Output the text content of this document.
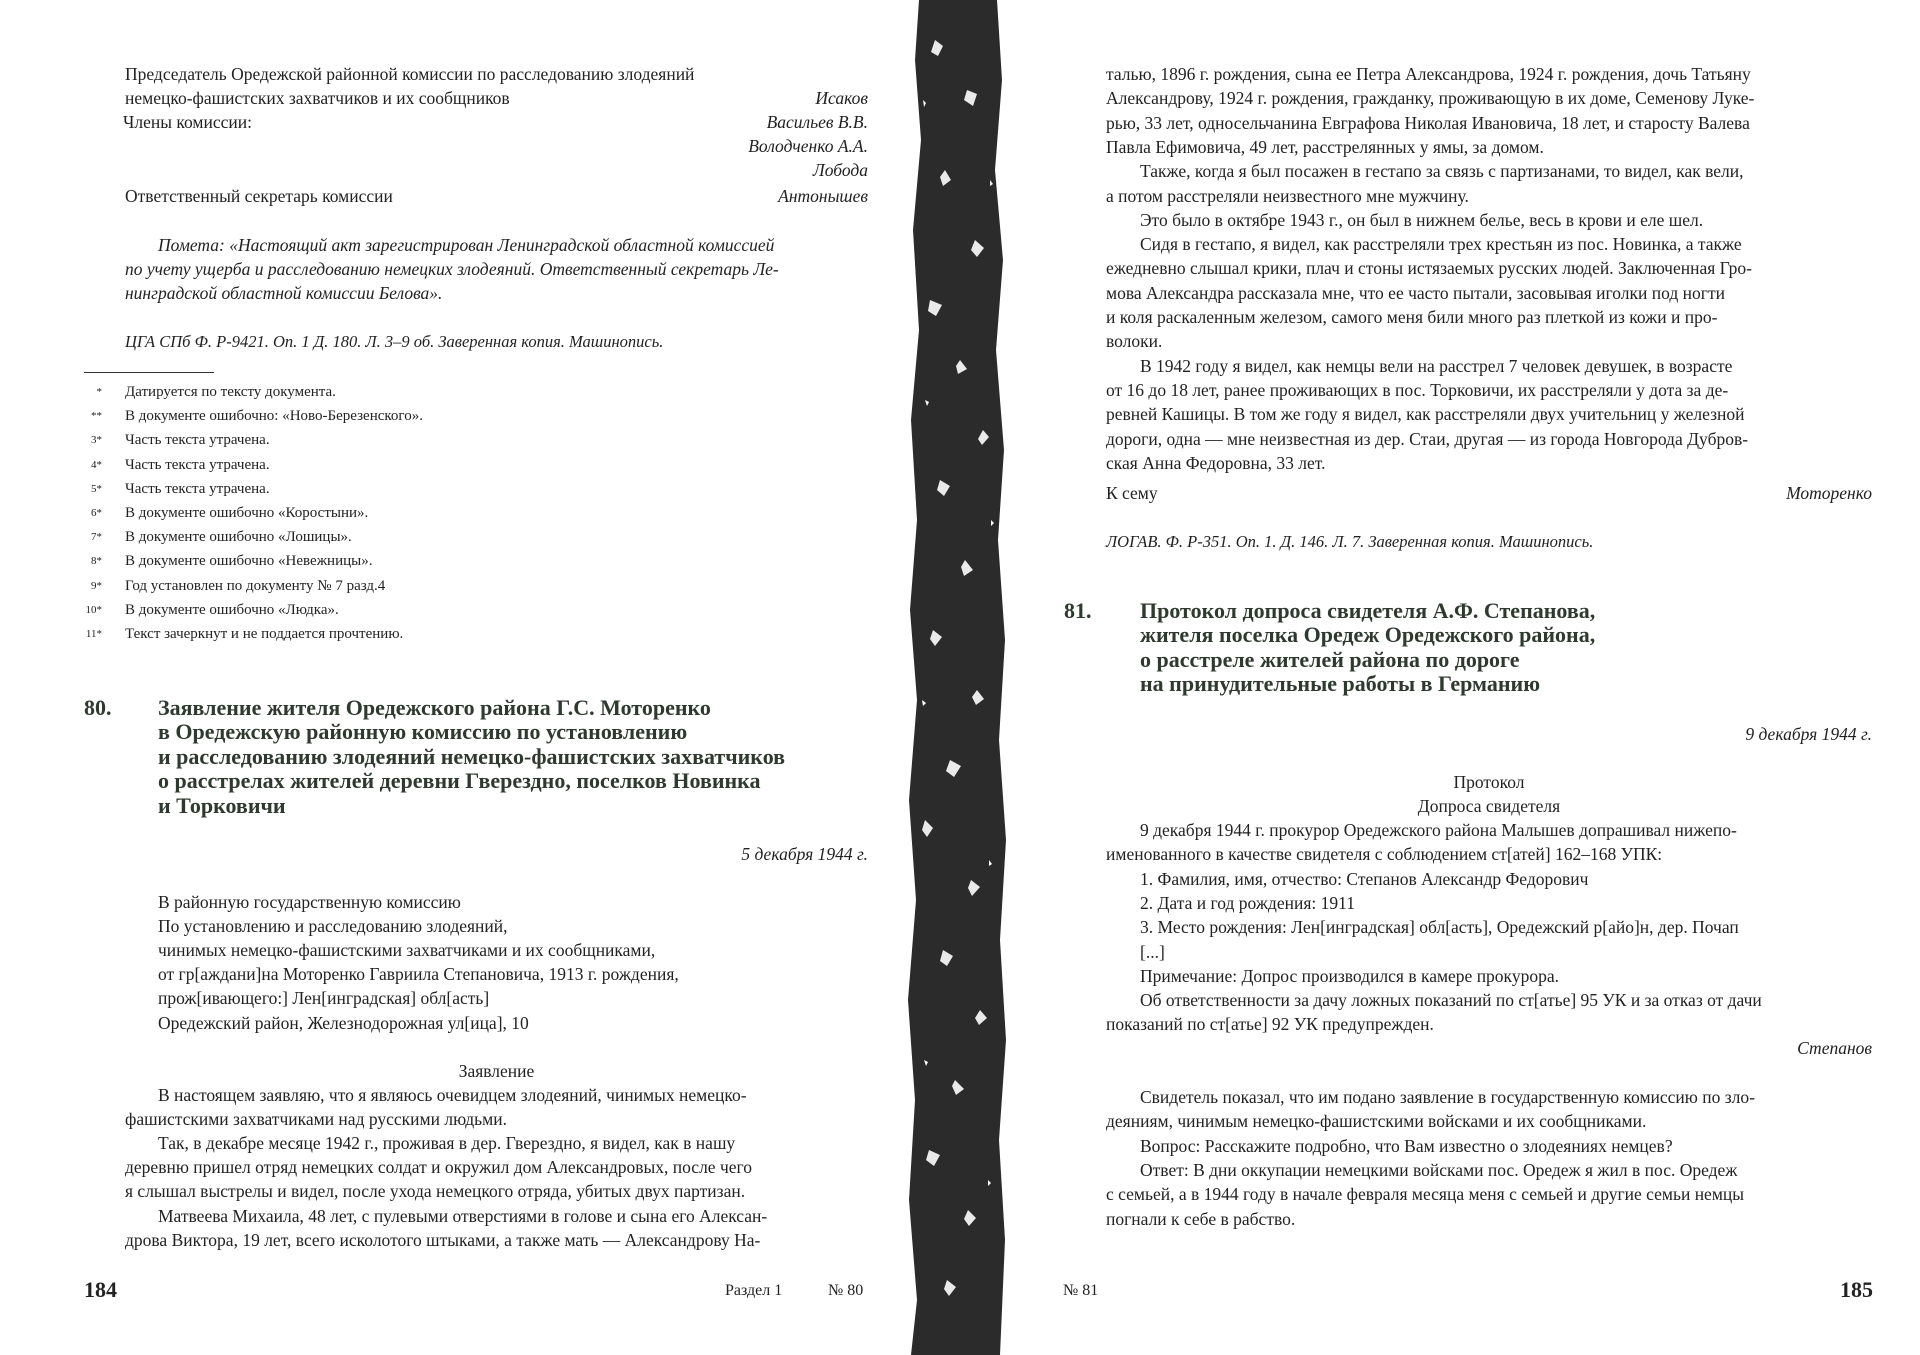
Председатель Оредежской районной комиссии по расследованию злодеяний
немецко-фашистских захватчиков и их сообщников	Исаков
Члены комиссии:	Васильев В.В.
Володченко А.А.
Лобода
Ответственный секретарь комиссии	Антонышев
Помета: «Настоящий акт зарегистрирован Ленинградской областной комиссией
по учету ущерба и расследованию немецких злодеяний. Ответственный секретарь Ле-
нинградской областной комиссии Белова».
ЦГА СПб Ф. Р-9421. Оп. 1 Д. 180. Л. 3–9 об. Заверенная копия. Машинопись.
* Датируется по тексту документа.
** В документе ошибочно: «Ново-Березенского».
3* Часть текста утрачена.
4* Часть текста утрачена.
5* Часть текста утрачена.
6* В документе ошибочно «Коростыни».
7* В документе ошибочно «Лошицы».
8* В документе ошибочно «Невежницы».
9* Год установлен по документу № 7 разд.4
10* В документе ошибочно «Людка».
11* Текст зачеркнут и не поддается прочтению.
80. Заявление жителя Оредежского района Г.С. Моторенко
в Оредежскую районную комиссию по установлению
и расследованию злодеяний немецко-фашистских захватчиков
о расстрелах жителей деревни Гверездно, поселков Новинка
и Торковичи
5 декабря 1944 г.
В районную государственную комиссию
По установлению и расследованию злодеяний,
чинимых немецко-фашистскими захватчиками и их сообщниками,
от гр[аждани]на Моторенко Гавриила Степановича, 1913 г. рождения,
прож[ивающего:] Лен[инградская] обл[асть]
Оредежский район, Железнодорожная ул[ица], 10
Заявление
В настоящем заявляю, что я являюсь очевидцем злодеяний, чинимых немецко-
фашистскими захватчиками над русскими людьми.
Так, в декабре месяце 1942 г., проживая в дер. Гверездно, я видел, как в нашу
деревню пришел отряд немецких солдат и окружил дом Александровых, после чего
я слышал выстрелы и видел, после ухода немецкого отряда, убитых двух партизан.
Матвеева Михаила, 48 лет, с пулевыми отверстиями в голове и сына его Алексан-
дрова Виктора, 19 лет, всего исколотого штыками, а также мать — Александрову На-
184	Раздел 1	№ 80
талью, 1896 г. рождения, сына ее Петра Александрова, 1924 г. рождения, дочь Татьяну
Александрову, 1924 г. рождения, гражданку, проживающую в их доме, Семенову Луке-
рью, 33 лет, односельчанина Евграфова Николая Ивановича, 18 лет, и старосту Валева
Павла Ефимовича, 49 лет, расстрелянных у ямы, за домом.
Также, когда я был посажен в гестапо за связь с партизанами, то видел, как вели,
а потом расстреляли неизвестного мне мужчину.
Это было в октябре 1943 г., он был в нижнем белье, весь в крови и еле шел.
Сидя в гестапо, я видел, как расстреляли трех крестьян из пос. Новинка, а также
ежедневно слышал крики, плач и стоны истязаемых русских людей. Заключенная Гро-
мова Александра рассказала мне, что ее часто пытали, засовывая иголки под ногти
и коля раскаленным железом, самого меня били много раз плеткой из кожи и про-
волоки.
В 1942 году я видел, как немцы вели на расстрел 7 человек девушек, в возрасте
от 16 до 18 лет, ранее проживающих в пос. Торковичи, их расстреляли у дота за де-
ревней Кашицы. В том же году я видел, как расстреляли двух учительниц у железной
дороги, одна — мне неизвестная из дер. Стаи, другая — из города Новгорода Дубров-
ская Анна Федоровна, 33 лет.
К сему	Моторенко
ЛОГАВ. Ф. Р-351. Оп. 1. Д. 146. Л. 7. Заверенная копия. Машинопись.
81. Протокол допроса свидетеля А.Ф. Степанова,
жителя поселка Оредеж Оредежского района,
о расстреле жителей района по дороге
на принудительные работы в Германию
9 декабря 1944 г.
Протокол
Допроса свидетеля
9 декабря 1944 г. прокурор Оредежского района Малышев допрашивал нижепо-
именованного в качестве свидетеля с соблюдением ст[атей] 162–168 УПК:
1. Фамилия, имя, отчество: Степанов Александр Федорович
2. Дата и год рождения: 1911
3. Место рождения: Лен[инградская] обл[асть], Оредежский р[айо]н, дер. Почап
[...]
Примечание: Допрос производился в камере прокурора.
Об ответственности за дачу ложных показаний по ст[атье] 95 УК и за отказ от дачи
показаний по ст[атье] 92 УК предупрежден.
Степанов
Свидетель показал, что им подано заявление в государственную комиссию по зло-
деяниям, чинимым немецко-фашистскими войсками и их сообщниками.
Вопрос: Расскажите подробно, что Вам известно о злодеяниях немцев?
Ответ: В дни оккупации немецкими войсками пос. Оредеж я жил в пос. Оредеж
с семьей, а в 1944 году в начале февраля месяца меня с семьей и другие семьи немцы
погнали к себе в рабство.
№ 81	185
